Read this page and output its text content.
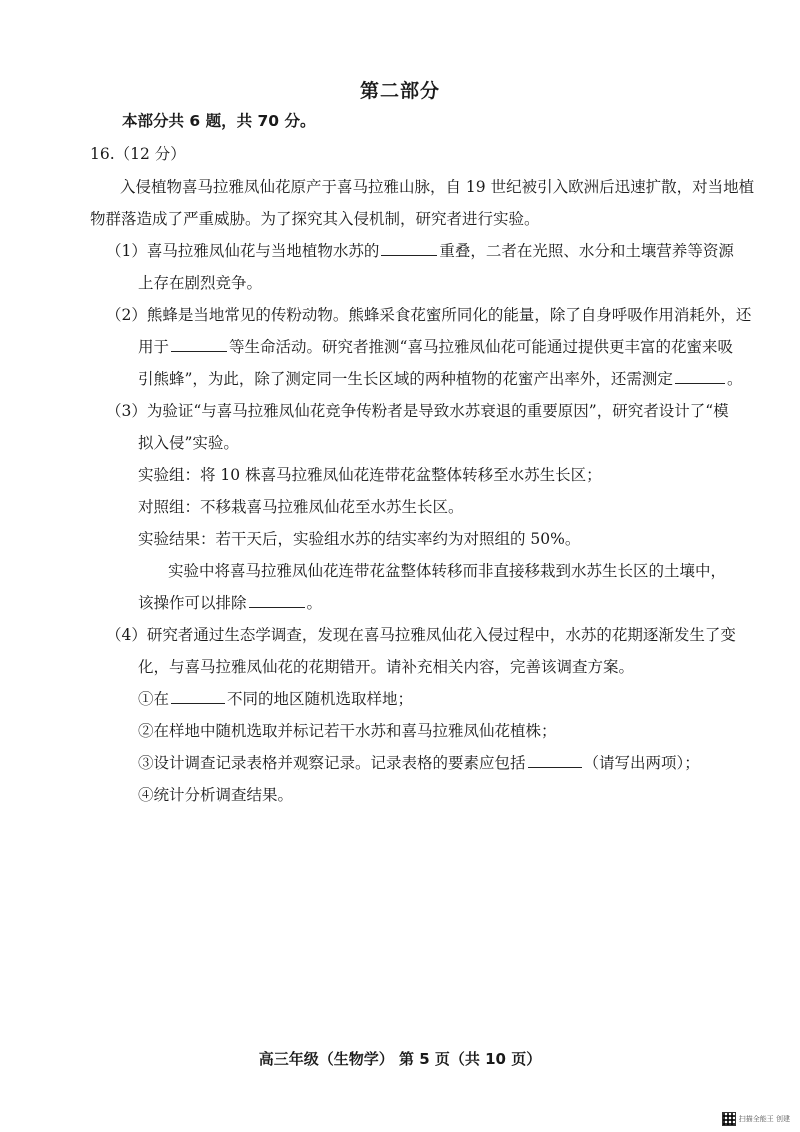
第二部分
本部分共 6 题，共 70 分。
16.（12 分）
入侵植物喜马拉雅凤仙花原产于喜马拉雅山脉，自 19 世纪被引入欧洲后迅速扩散，对当地植
物群落造成了严重威胁。为了探究其入侵机制，研究者进行实验。
（1）喜马拉雅凤仙花与当地植物水苏的	重叠，二者在光照、水分和土壤营养等资源
上存在剧烈竞争。
（2）熊蜂是当地常见的传粉动物。熊蜂采食花蜜所同化的能量，除了自身呼吸作用消耗外，还
用于	等生命活动。研究者推测“喜马拉雅凤仙花可能通过提供更丰富的花蜜来吸
引熊蜂”，为此，除了测定同一生长区域的两种植物的花蜜产出率外，还需测定	。
（3）为验证“与喜马拉雅凤仙花竞争传粉者是导致水苏衰退的重要原因”，研究者设计了“模
拟入侵”实验。
实验组：将 10 株喜马拉雅凤仙花连带花盆整体转移至水苏生长区；
对照组：不移栽喜马拉雅凤仙花至水苏生长区。
实验结果：若干天后，实验组水苏的结实率约为对照组的 50%。
实验中将喜马拉雅凤仙花连带花盆整体转移而非直接移栽到水苏生长区的土壤中，
该操作可以排除	。
（4）研究者通过生态学调查，发现在喜马拉雅凤仙花入侵过程中，水苏的花期逐渐发生了变
化，与喜马拉雅凤仙花的花期错开。请补充相关内容，完善该调查方案。
①在	不同的地区随机选取样地；
②在样地中随机选取并标记若干水苏和喜马拉雅凤仙花植株；
③设计调查记录表格并观察记录。记录表格的要素应包括	（请写出两项）；
④统计分析调查结果。
高三年级（生物学） 第 5 页（共 10 页）
扫描全能王 创建
